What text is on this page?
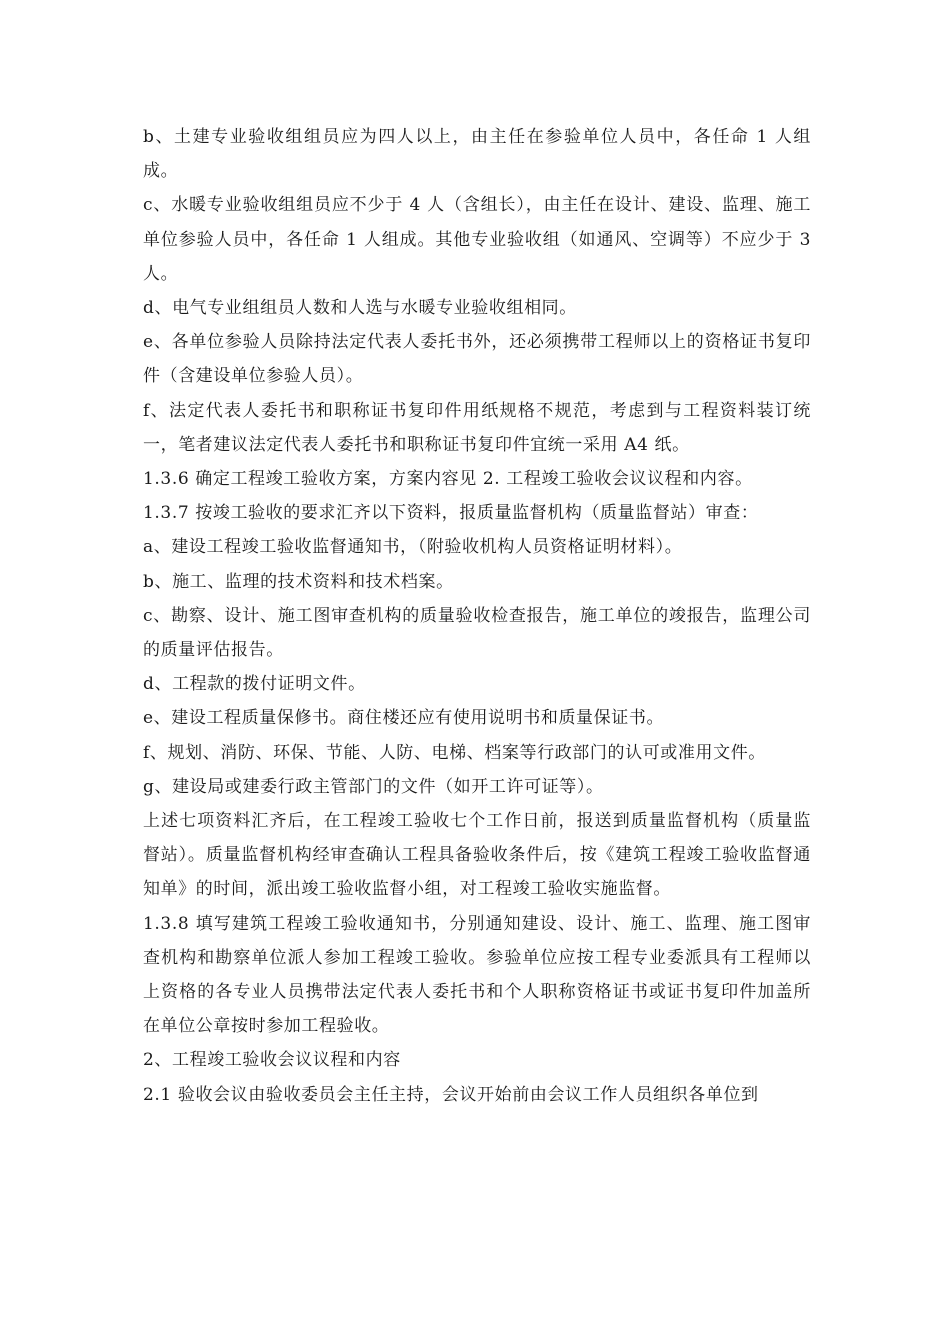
b、土建专业验收组组员应为四人以上，由主任在参验单位人员中，各任命 1 人组成。

c、水暖专业验收组组员应不少于 4 人（含组长），由主任在设计、建设、监理、施工单位参验人员中，各任命 1 人组成。其他专业验收组（如通风、空调等）不应少于 3 人。

d、电气专业组组员人数和人选与水暖专业验收组相同。

e、各单位参验人员除持法定代表人委托书外，还必须携带工程师以上的资格证书复印件（含建设单位参验人员）。

f、法定代表人委托书和职称证书复印件用纸规格不规范，考虑到与工程资料装订统一，笔者建议法定代表人委托书和职称证书复印件宜统一采用 A4 纸。

1.3.6 确定工程竣工验收方案，方案内容见 2. 工程竣工验收会议议程和内容。

1.3.7 按竣工验收的要求汇齐以下资料，报质量监督机构（质量监督站）审查：

a、建设工程竣工验收监督通知书，（附验收机构人员资格证明材料）。

b、施工、监理的技术资料和技术档案。

c、勘察、设计、施工图审查机构的质量验收检查报告，施工单位的竣报告，监理公司的质量评估报告。

d、工程款的拨付证明文件。

e、建设工程质量保修书。商住楼还应有使用说明书和质量保证书。

f、规划、消防、环保、节能、人防、电梯、档案等行政部门的认可或准用文件。

g、建设局或建委行政主管部门的文件（如开工许可证等）。

上述七项资料汇齐后，在工程竣工验收七个工作日前，报送到质量监督机构（质量监督站）。质量监督机构经审查确认工程具备验收条件后，按《建筑工程竣工验收监督通知单》的时间，派出竣工验收监督小组，对工程竣工验收实施监督。

1.3.8 填写建筑工程竣工验收通知书，分别通知建设、设计、施工、监理、施工图审查机构和勘察单位派人参加工程竣工验收。参验单位应按工程专业委派具有工程师以上资格的各专业人员携带法定代表人委托书和个人职称资格证书或证书复印件加盖所在单位公章按时参加工程验收。

2、工程竣工验收会议议程和内容

2.1 验收会议由验收委员会主任主持，会议开始前由会议工作人员组织各单位到
